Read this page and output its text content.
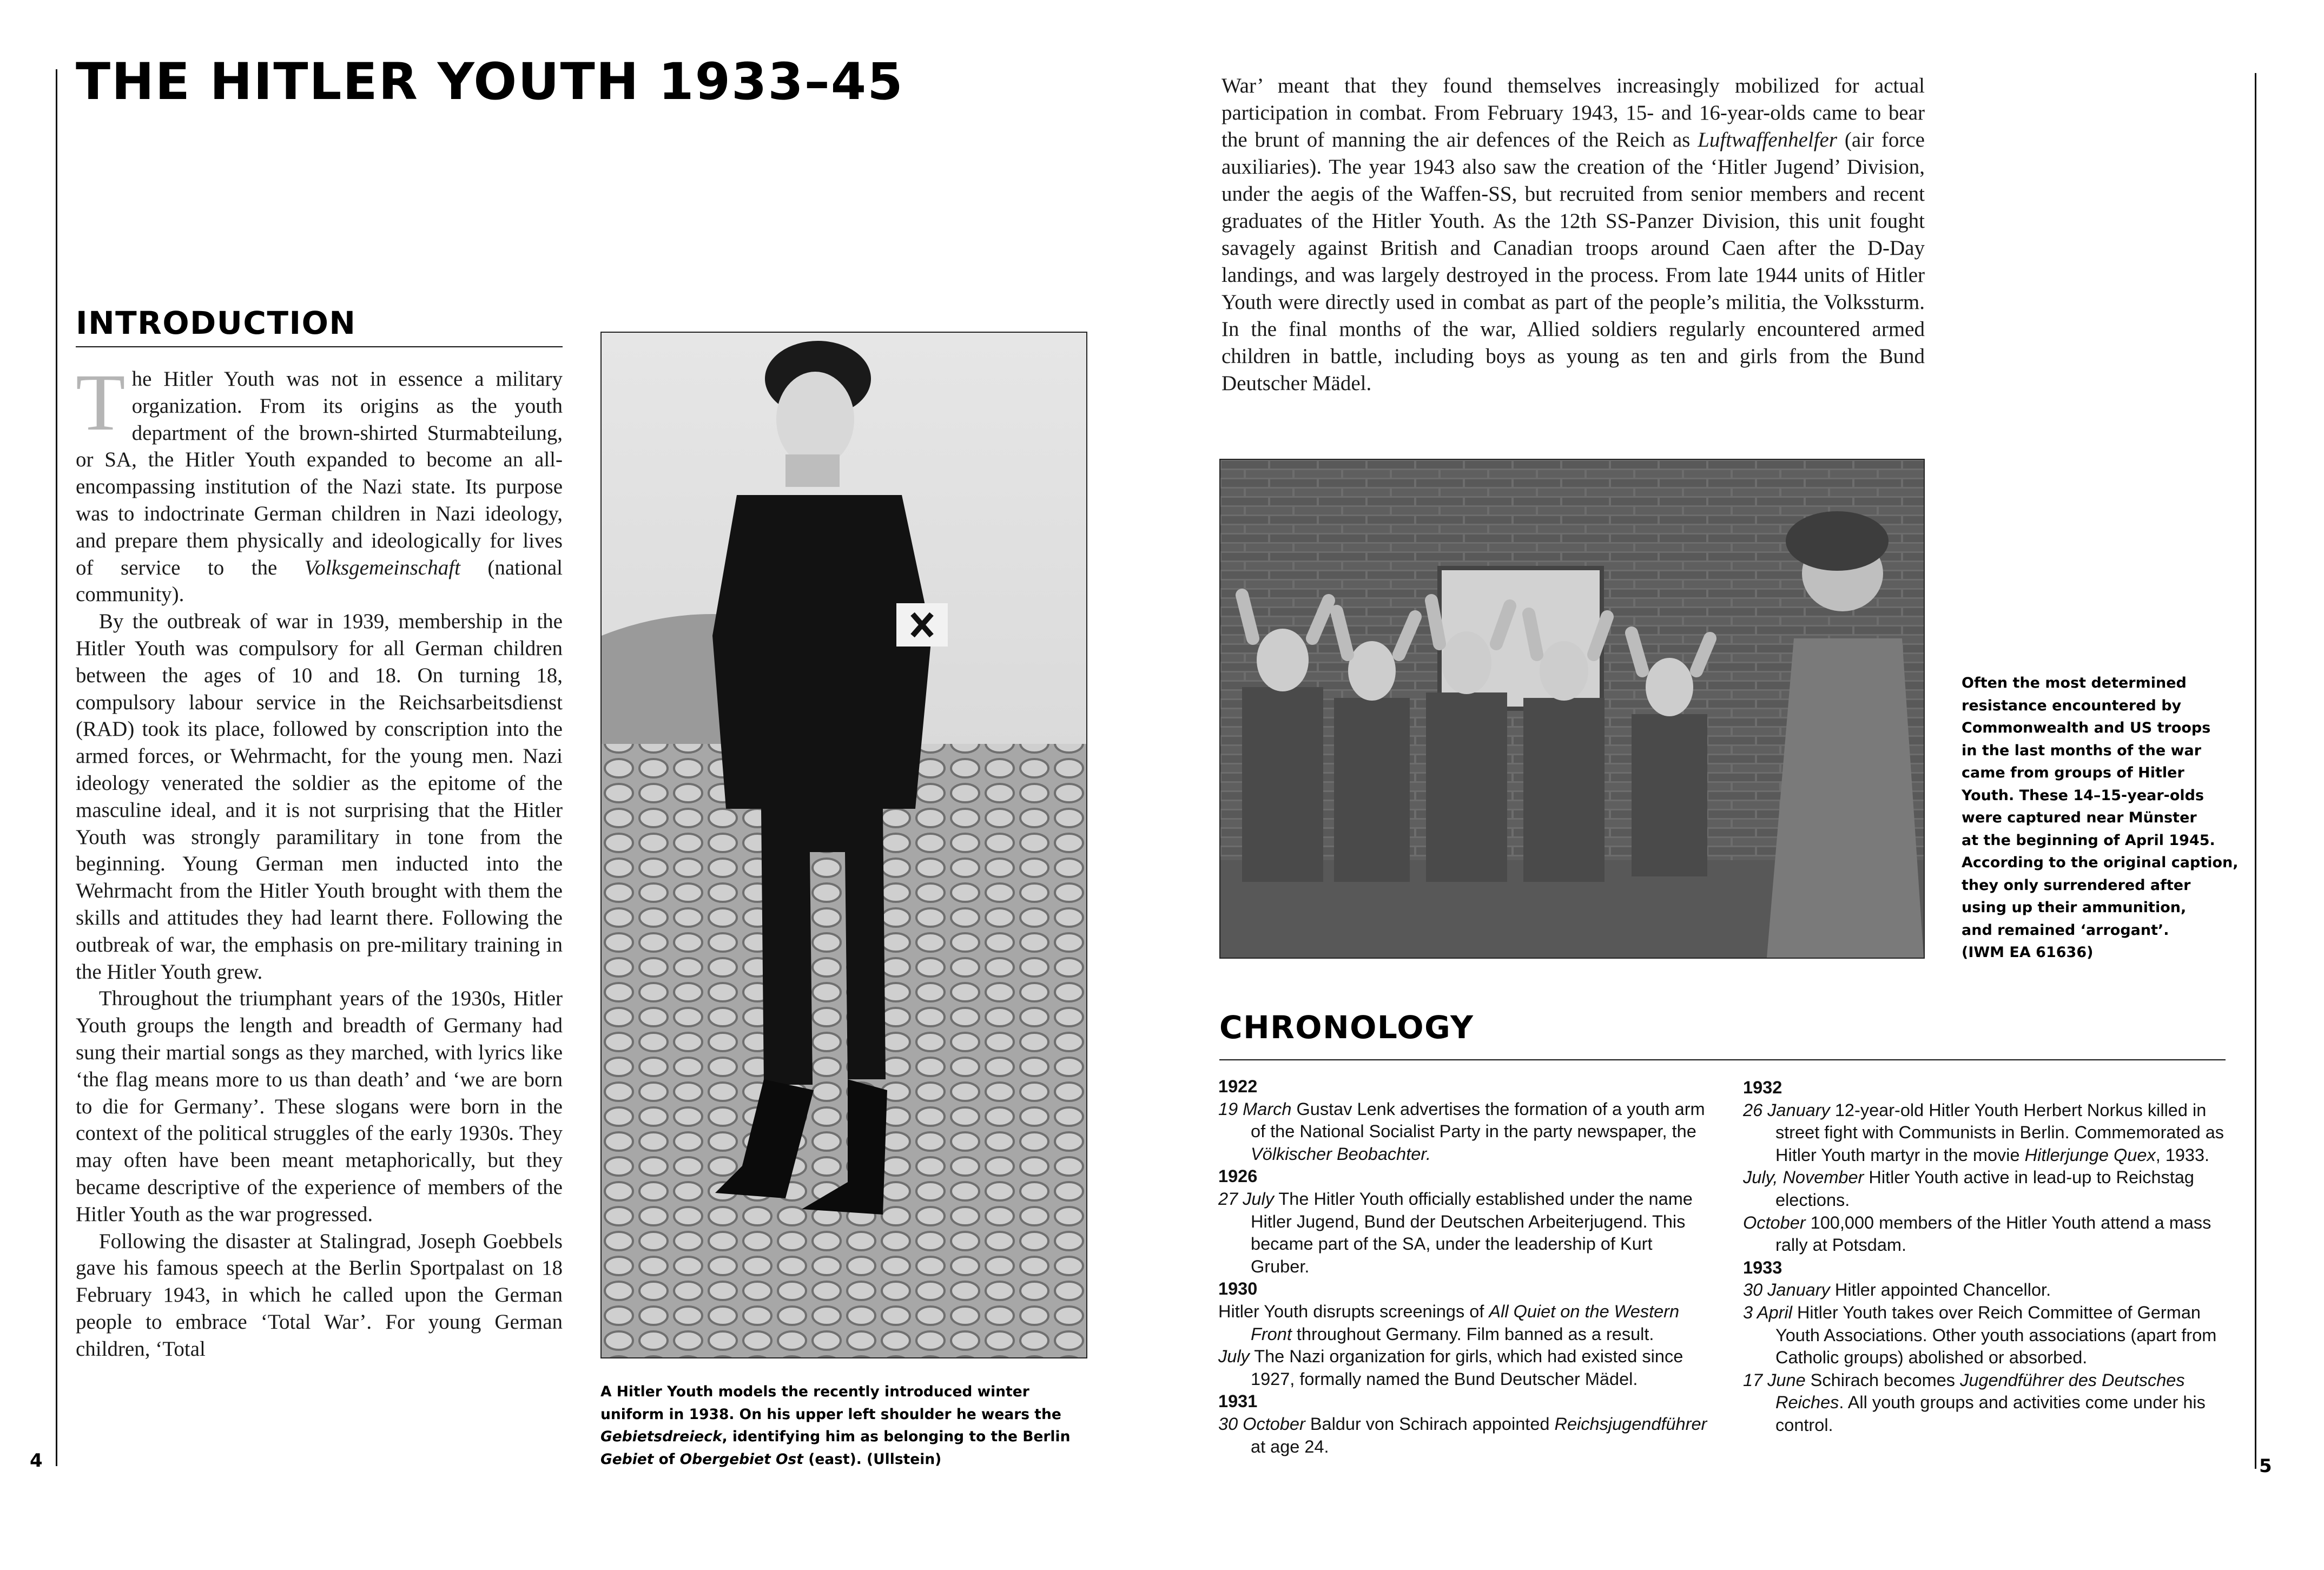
THE HITLER YOUTH 1933–45
INTRODUCTION

The Hitler Youth was not in essence a military organization. From its origins as the youth department of the brown-shirted Sturmabteilung, or SA, the Hitler Youth expanded to become an all-encompassing institution of the Nazi state. Its purpose was to indoctrinate German children in Nazi ideology, and prepare them physically and ideologically for lives of service to the Volksgemeinschaft (national community).

By the outbreak of war in 1939, membership in the Hitler Youth was compulsory for all German children between the ages of 10 and 18. On turning 18, compulsory labour service in the Reichsarbeitsdienst (RAD) took its place, followed by conscription into the armed forces, or Wehrmacht, for the young men. Nazi ideology venerated the soldier as the epitome of the masculine ideal, and it is not surprising that the Hitler Youth was strongly paramilitary in tone from the beginning. Young German men inducted into the Wehrmacht from the Hitler Youth brought with them the skills and attitudes they had learnt there. Following the outbreak of war, the emphasis on pre-military training in the Hitler Youth grew.

Throughout the triumphant years of the 1930s, Hitler Youth groups the length and breadth of Germany had sung their martial songs as they marched, with lyrics like ‘the flag means more to us than death’ and ‘we are born to die for Germany’. These slogans were born in the context of the political struggles of the early 1930s. They may often have been meant metaphorically, but they became descriptive of the experience of members of the Hitler Youth as the war progressed.

Following the disaster at Stalingrad, Joseph Goebbels gave his famous speech at the Berlin Sportpalast on 18 February 1943, in which he called upon the German people to embrace ‘Total War’. For young German children, ‘Total

A Hitler Youth models the recently introduced winter

uniform in 1938. On his upper left shoulder he wears the

Gebietsdreieck, identifying him as belonging to the Berlin

Gebiet of Obergebiet Ost (east). (Ullstein)

4

War’ meant that they found themselves increasingly mobilized for actual participation in combat. From February 1943, 15- and 16-year-olds came to bear the brunt of manning the air defences of the Reich as Luftwaffenhelfer (air force auxiliaries). The year 1943 also saw the creation of the ‘Hitler Jugend’ Division, under the aegis of the Waffen-SS, but recruited from senior members and recent graduates of the Hitler Youth. As the 12th SS-Panzer Division, this unit fought savagely against British and Canadian troops around Caen after the D-Day landings, and was largely destroyed in the process. From late 1944 units of Hitler Youth were directly used in combat as part of the people’s militia, the Volkssturm. In the final months of the war, Allied soldiers regularly encountered armed children in battle, including boys as young as ten and girls from the Bund Deutscher Mädel.

Often the most determined

resistance encountered by

Commonwealth and US troops

in the last months of the war

came from groups of Hitler

Youth. These 14–15-year-olds

were captured near Münster

at the beginning of April 1945.

According to the original caption,

they only surrendered after

using up their ammunition,

and remained ‘arrogant’.

(IWM EA 61636)

CHRONOLOGY
1922
19 March Gustav Lenk advertises the formation of a youth arm of the National Socialist Party in the party newspaper, the Völkischer Beobachter.
1926
27 July The Hitler Youth officially established under the name Hitler Jugend, Bund der Deutschen Arbeiterjugend. This became part of the SA, under the leadership of Kurt Gruber.
1930
Hitler Youth disrupts screenings of All Quiet on the Western Front throughout Germany. Film banned as a result.
July The Nazi organization for girls, which had existed since 1927, formally named the Bund Deutscher Mädel.
1931
30 October Baldur von Schirach appointed Reichsjugendführer at age 24.
1932
26 January 12-year-old Hitler Youth Herbert Norkus killed in street fight with Communists in Berlin. Commemorated as Hitler Youth martyr in the movie Hitlerjunge Quex, 1933.
July, November Hitler Youth active in lead-up to Reichstag elections.
October 100,000 members of the Hitler Youth attend a mass rally at Potsdam.
1933
30 January Hitler appointed Chancellor.
3 April Hitler Youth takes over Reich Committee of German Youth Associations. Other youth associations (apart from Catholic groups) abolished or absorbed.
17 June Schirach becomes Jugendführer des Deutsches Reiches. All youth groups and activities come under his control.
5
